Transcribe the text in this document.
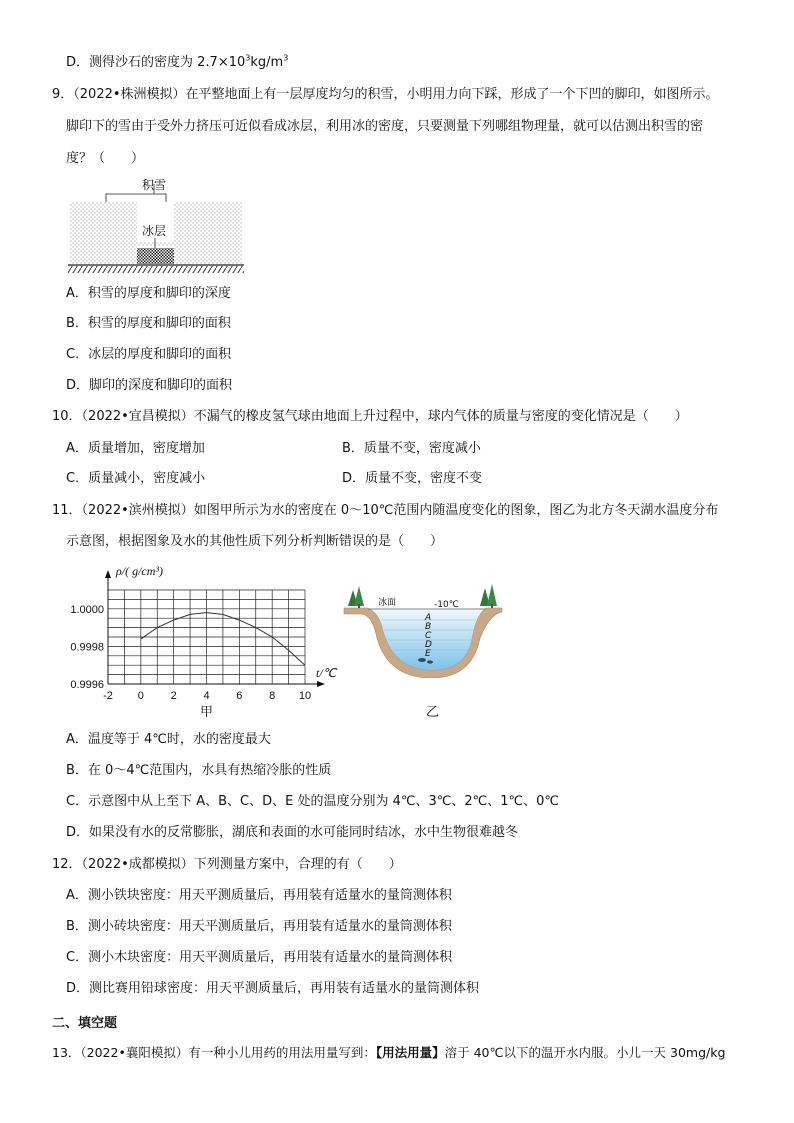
D．测得沙石的密度为 $2.7\times 10^3kg/m^3$
9．（2022•株洲模拟）在平整地面上有一层厚度均匀的积雪，小明用力向下踩，形成了一个下凹的脚印，如图所示。
脚印下的雪由于受外力挤压可近似看成冰层，利用冰的密度，只要测量下列哪组物理量，就可以估测出积雪的密
度？（　　）
积雪
冰层
A．积雪的厚度和脚印的深度
B．积雪的厚度和脚印的面积
C．冰层的厚度和脚印的面积
D．脚印的深度和脚印的面积
10．（2022•宜昌模拟）不漏气的橡皮氢气球由地面上升过程中，球内气体的质量与密度的变化情况是（　　）
A．质量增加，密度增加	B．质量不变，密度减小
C．质量减小，密度减小	D．质量不变，密度不变
11．（2022•滨州模拟）如图甲所示为水的密度在 0～10℃范围内随温度变化的图象，图乙为北方冬天湖水温度分布
示意图，根据图象及水的其他性质下列分析判断错误的是（　　）
-2 0 2 4 6 8 10
1.0000
0.9998
0.9996
ρ/( g/cm³)
t/℃
甲
冰面	-10℃
A
B
C
D
E
乙
A．温度等于 4℃时，水的密度最大
B．在 0～4℃范围内，水具有热缩冷胀的性质
C．示意图中从上至下 A、B、C、D、E 处的温度分别为 4℃、3℃、2℃、1℃、0℃
D．如果没有水的反常膨胀，湖底和表面的水可能同时结冰，水中生物很难越冬
12．（2022•成都模拟）下列测量方案中，合理的有（　　）
A．测小铁块密度：用天平测质量后，再用装有适量水的量筒测体积
B．测小砖块密度：用天平测质量后，再用装有适量水的量筒测体积
C．测小木块密度：用天平测质量后，再用装有适量水的量筒测体积
D．测比赛用铅球密度：用天平测质量后，再用装有适量水的量筒测体积
二、填空题
13．（2022•襄阳模拟）有一种小儿用药的用法用量写到：【用法用量】溶于 40℃以下的温开水内服。小儿一天 30mg/kg
